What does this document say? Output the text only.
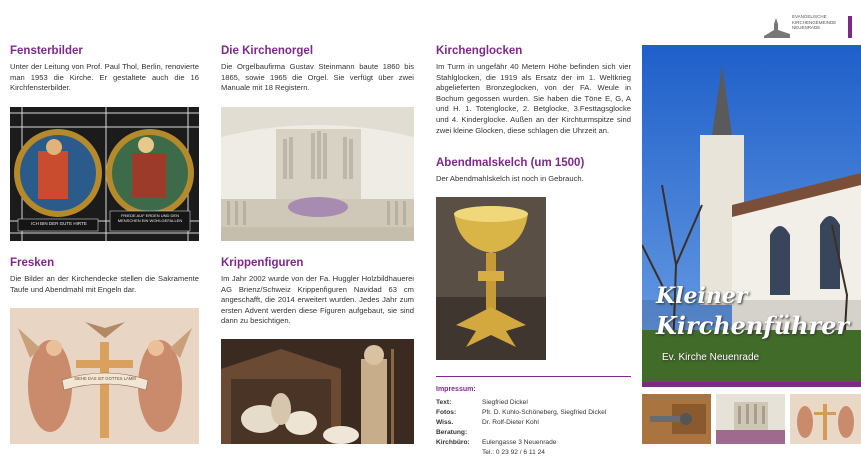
EVANGELISCHE
KIRCHENGEMEINDE
NEUENRADE
Fensterbilder
Unter der Leitung von Prof. Paul Thol, Berlin, renovierte man 1953 die Kirche. Er gestaltete auch die 16 Kirchfensterbilder.
ICH BIN DER GUTE HIRTE
FRIEDE AUF ERDEN UND DEN MENSCHEN EIN WOHLGEFALLEN
Fresken
Die Bilder an der Kirchendecke stellen die Sakramente Taufe und Abendmahl mit Engeln dar.
SIEHE DAS IST GOTTES LAMM
Die Kirchenorgel
Die Orgelbaufirma Gustav Steinmann baute 1860 bis 1865, sowie 1965 die Orgel. Sie verfügt über zwei Manuale mit 18 Registern.
Krippenfiguren
Im Jahr 2002 wurde von der Fa. Huggler Holzbildhauerei AG Brienz/Schweiz Krippenfiguren Navidad 63 cm angeschafft, die 2014 erweitert wurden. Jedes Jahr zum ersten Advent werden diese Figuren aufgebaut, sie sind dann zu besichtigen.
Kirchenglocken
Im Turm in ungefähr 40 Metern Höhe befinden sich vier Stahlglocken, die 1919 als Ersatz der im 1. Weltkrieg abgelieferten Bronzeglocken, von der FA. Weule in Bochum gegossen wurden. Sie haben die Töne E, G, A und H. 1. Totenglocke, 2. Betglocke, 3.Festtagsglocke und 4. Kinderglocke. Außen an der Kirchturmspitze sind zwei kleine Glocken, diese schlagen die Uhrzeit an.
Abendmalskelch (um 1500)
Der Abendmahlskelch ist noch in Gebrauch.
Impressum:
Text:	Siegfried Dickel
Fotos:	Pfr. D. Kuhlo-Schöneberg, Siegfried Dickel
Wiss. Beratung:	Dr. Rolf-Dieter Kohl
Kirchbüro:	Eulengasse 3 Neuenrade
	Tel.: 0 23 92 / 6 11 24
Kleiner
Kirchenführer
Ev. Kirche Neuenrade
